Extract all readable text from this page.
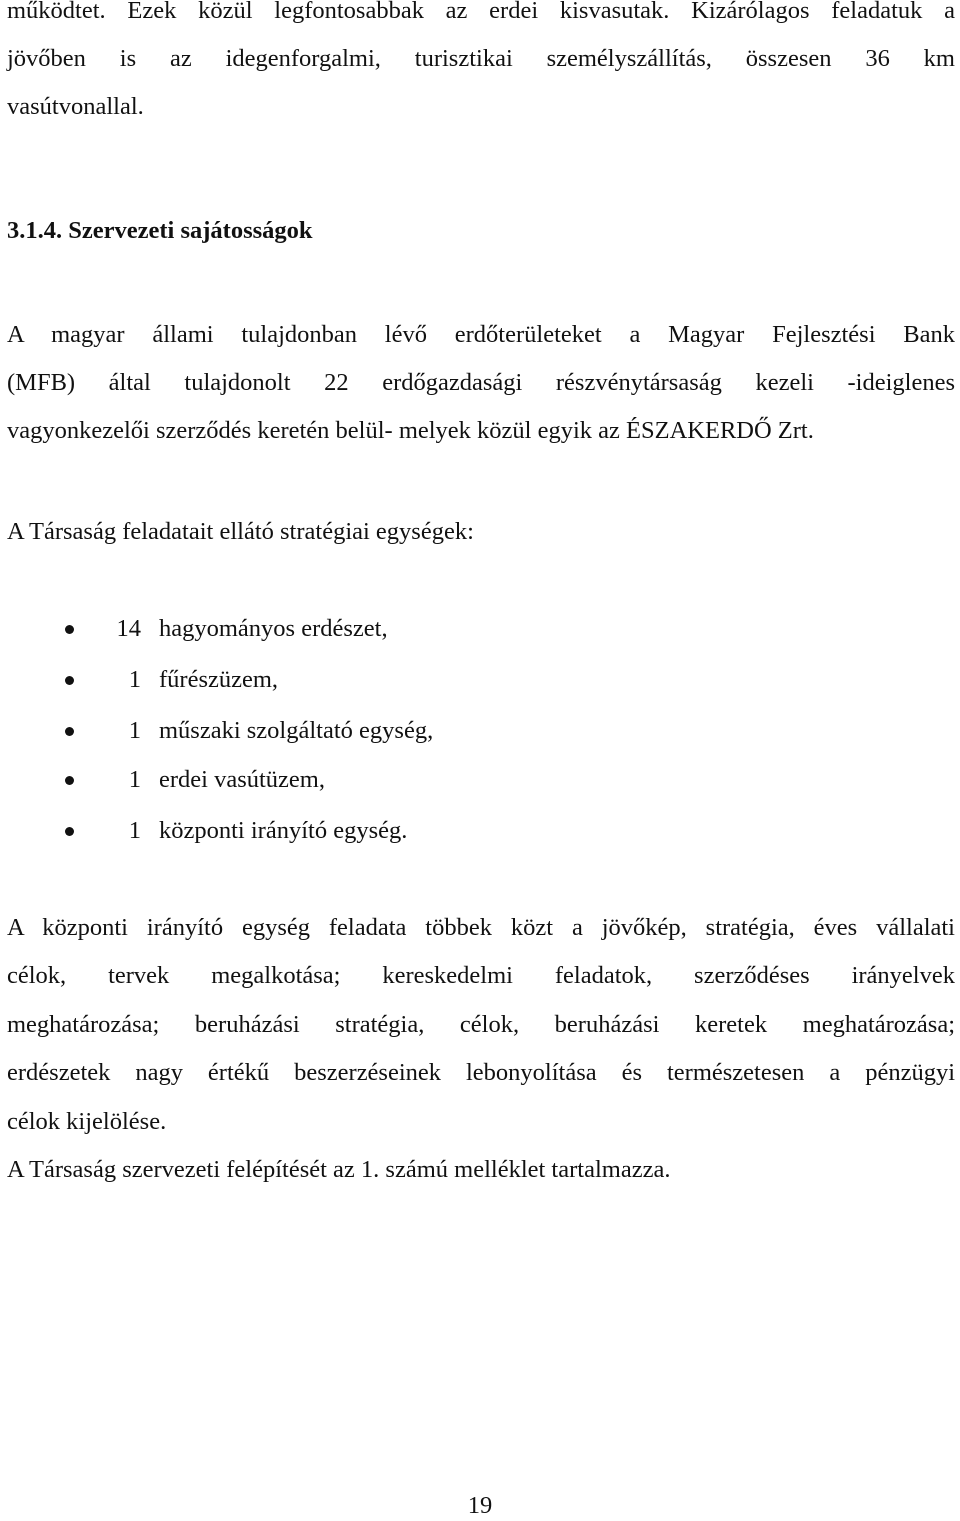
működtet. Ezek közül legfontosabbak az erdei kisvasutak. Kizárólagos feladatuk a
jövőben is az idegenforgalmi, turisztikai személyszállítás, összesen 36 km
vasútvonallal.
3.1.4. Szervezeti sajátosságok
A magyar állami tulajdonban lévő erdőterületeket a Magyar Fejlesztési Bank
(MFB) által tulajdonolt 22 erdőgazdasági részvénytársaság kezeli -ideiglenes
vagyonkezelői szerződés keretén belül- melyek közül egyik az ÉSZAKERDŐ Zrt.
A Társaság feladatait ellátó stratégiai egységek:
14 hagyományos erdészet,
1 fűrészüzem,
1 műszaki szolgáltató egység,
1 erdei vasútüzem,
1 központi irányító egység.
A központi irányító egység feladata többek közt a jövőkép, stratégia, éves vállalati
célok, tervek megalkotása; kereskedelmi feladatok, szerződéses irányelvek
meghatározása; beruházási stratégia, célok, beruházási keretek meghatározása;
erdészetek nagy értékű beszerzéseinek lebonyolítása és természetesen a pénzügyi
célok kijelölése.
A Társaság szervezeti felépítését az 1. számú melléklet tartalmazza.
19
